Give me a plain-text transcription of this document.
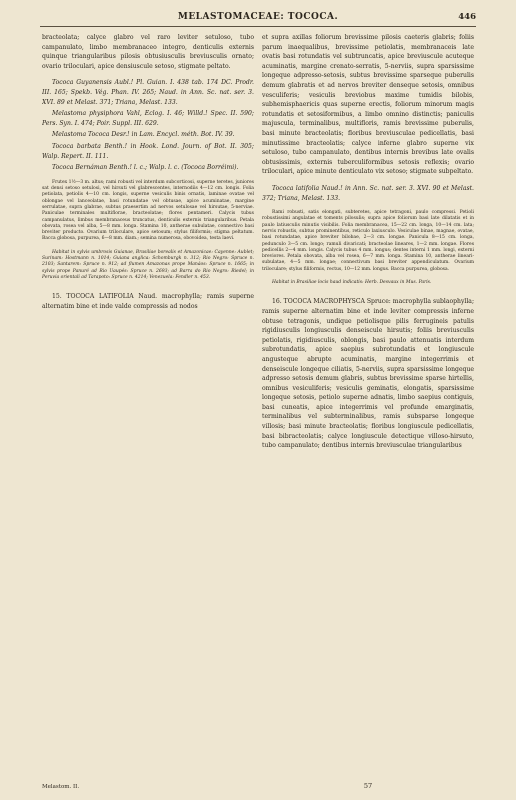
MELASTOMACEAE: TOCOCA.	446

bracteolata; calyce glabro vel raro leviter setuloso, tubo campanulato, limbo membranaceo integro, denticulis externis quinque triangularibus pilosis obtusiusculis breviusculis ornato; ovario triloculari, apice densiuscule setoso, stigmate peltato.

Tococa Guyanensis Aubl.! Pl. Guian. I. 438 tab. 174 DC. Prodr. III. 165; Spekb. Vég. Phan. IV. 265; Naud. in Ann. Sc. nat. ser. 3. XVI. 89 et Melast. 371; Triana, Melast. 133.

Melastoma physiphora Vahl, Eclog. I. 46; Willd.! Spec. II. 590; Pers. Syn. I. 474; Poir. Suppl. III. 629.

Melastoma Tococa Desr.! in Lam. Encycl. méth. Bot. IV. 39.

Tococa barbata Benth.! in Hook. Lond. Journ. of Bot. II. 305; Walp. Repert. II. 111.

Tococa Bernáman Benth.! l. c.; Walp. l. c. (Tococa Borréimi).

Frutex 1½—3 m. altus; rami robusti vel interdum subcorticosi, superne teretes, juniores sat densi setoso setulosi, vel hirsuti vel glabrescentes, internodiis 4—12 cm. longis. Folia petiolata, petiolis 4—10 cm. longis, superne vesiculis binis ornatis, laminae ovatae vel oblongae vel lanceolatae, basi rotundatae vel obtusae, apice acuminatae, margine serrulatae, supra glabrae, subtus praesertim ad nervos setulosae vel hirsutae, 5-nerviae. Paniculae terminales multiflorae, bracteolatae; flores pentameri. Calycis tubus campanulatus, limbus membranaceus truncatus, denticulis externis triangularibus. Petala obovata, rosea vel alba, 5—8 mm. longa. Stamina 10, antherae subulatae, connectivo basi breviter producto. Ovarium triloculare, apice setosum; stylus filiformis; stigma peltatum. Bacca globosa, purpurea, 6—8 mm. diam.; semina numerosa, obovoidea, testa laevi.

Habitat in sylvis umbrosis Guianae, Brasiliae borealis et Amazonicae: Cayenne: Aublet; Surinam: Hostmann n. 1014; Guiana anglica: Schomburgk n. 312; Rio Negro: Spruce n. 2103; Santarem: Spruce n. 912; ad flumen Amazonas prope Manáos: Spruce n. 1665; in sylvis prope Panuré ad Rio Uaupés: Spruce n. 2693; ad Barra do Rio Negro: Riedel; in Peruvia orientali ad Tarapoto: Spruce n. 4214; Venezuela: Fendler n. 453.

15. TOCOCA LATIFOLIA Naud. macrophylla; ramis superne alternatim bine et inde valde compressis ad nodos

et supra axillas foliorum brevissime pilosis caeteris glabris; foliis parum inaequalibus, brevissime petiolatis, membranaceis late ovatis basi rotundatis vel subtruncatis, apice breviuscule acuteque acuminatis, margine crenato-serratis, 5-nerviis, supra sparsissime longeque adpresso-setosis, subtus brevissime sparseque puberulis demum glabratis et ad nervos breviter denseque setosis, omnibus vesculiferis; vesiculis breviobus maxime tumidis bilobis, subhemisphaericis quas superne erectis, foliorum minorum magis rotundatis et setosiformibus, a limbo omnino distinctis; paniculis majuscula, terminalibus, multifloris, ramis brevissime puberulis, basi minute bracteolatis; floribus breviusculae pedicellatis, basi minutissime bracteolatis; calyce inferne glabro superne vix setuloso, tubo campanulato, dentibus internis brevibus late ovalis obtusissimis, externis tuberculiformibus setosis reflexis; ovario triloculari, apice minute denticulato vix setoso; stigmate subpeltato.

Tococa latifolia Naud.! in Ann. Sc. nat. ser. 3. XVI. 90 et Melast. 372; Triana, Melast. 133.

Rami robusti, satis elongati, subteretes, apice tetragoni, paulo compressi. Petioli robustissimi angulatae et toments pilosulis; supra apice foliorum basi late dilatatis et in paulo latiusculis minutis visibilis. Folia membranacea, 15—22 cm. longa, 10—14 cm. lata; nervis robustis, subtus prominentibus, reticulo laxiusculo. Vesiculae binae, magnae, ovatae, basi rotundatae, apice breviter bilobae, 2—3 cm. longae. Panicula 8—15 cm. longa, pedunculo 3—5 cm. longo; ramuli divaricati; bracteolae lineares, 1—2 mm. longae. Flores pedicellis 2—4 mm. longis. Calycis tubus 4 mm. longus; dentes interni 1 mm. longi, externi breviores. Petala obovata, alba vel rosea, 6—7 mm. longa. Stamina 10, antherae lineari-subulatae, 4—5 mm. longae; connectivum basi breviter appendiculatum. Ovarium triloculare; stylus filiformis, rectus, 10—12 mm. longus. Bacca purpurea, globosa.

Habitat in Brasiliae locis haud indicatis: Herb. Desvaux in Mus. Paris.

16. TOCOCA MACROPHYSCA Spruce: macrophylla sublaophylla; ramis superne alternatim bine et inde leviter compressis inferne obtuse tetragonis, undique petiolisque pilis ferrugineis patulis rigidiusculis longiusculis denseiscule hirsutis; foliis breviusculis petiolatis, rigidiusculis, oblongis, basi paulo attenuatis interdum subrotundatis, apice saepius subrotundatis et longiuscule angusteque abrupte acuminatis, margine integerrimis et denseiscule longeque ciliatis, 5-nerviis, supra sparsissime longeque adpresso setosis demum glabris, subtus brevissime sparse hirtellis, omnibus vesiculiferis; vesiculis geminatis, elongatis, sparsissime longeque setosis, petiolo superne adnatis, limbo saepius contiguis, basi cuneatis, apice integerrimis vel profunde emarginatis, terminalibus vel subterminalibus, ramis subsparse longeque villosis; basi minute bracteolatis; floribus longiuscule pedicellatis, basi bibracteolatis; calyce longiuscule detectique villoso-hirsuto, tubo campanulato; dentibus internis breviusculae triangularibus

Melastom. II.	57
